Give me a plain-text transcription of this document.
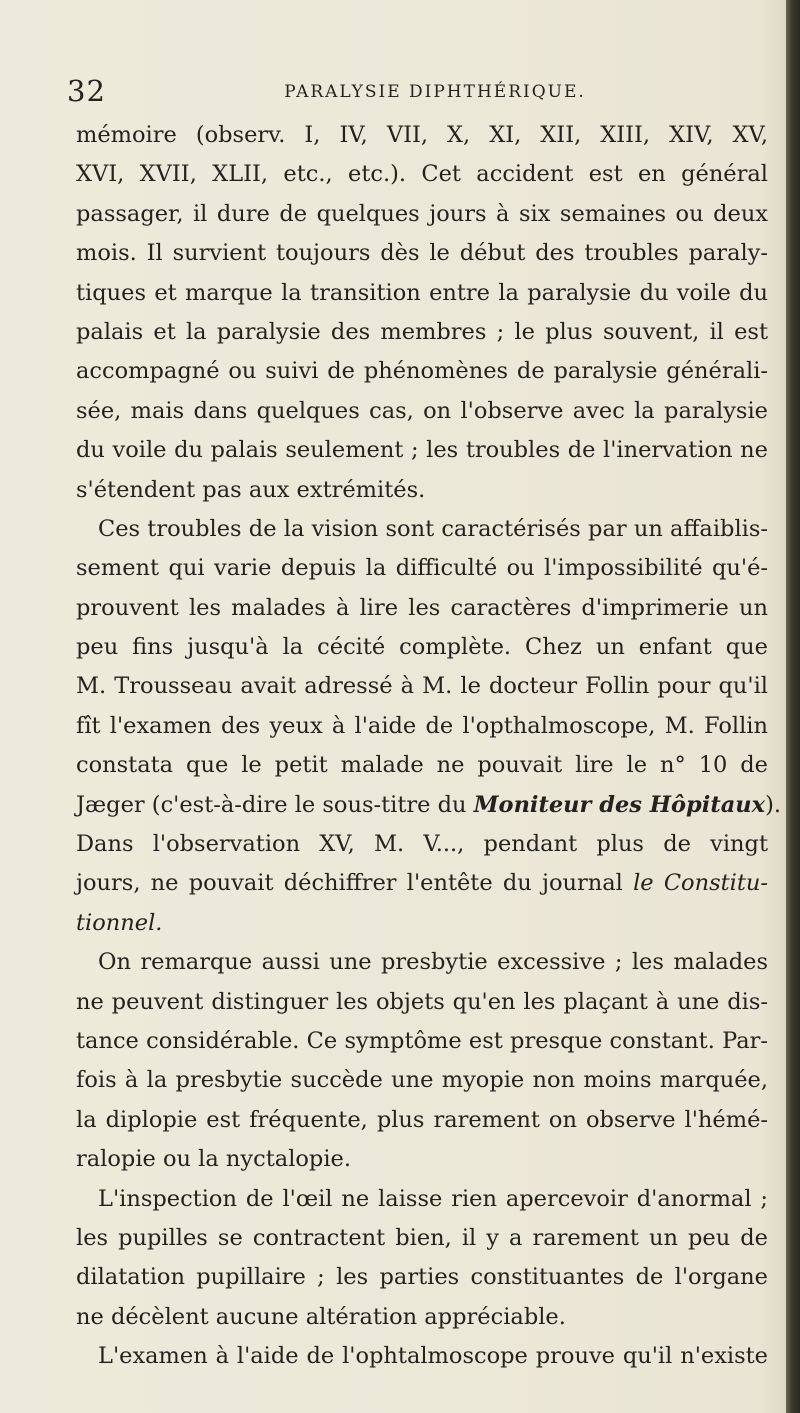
32	PARALYSIE DIPHTHÉRIQUE.
mémoire (observ. I, IV, VII, X, XI, XII, XIII, XIV, XV,
XVI, XVII, XLII, etc., etc.). Cet accident est en général
passager, il dure de quelques jours à six semaines ou deux
mois. Il survient toujours dès le début des troubles paraly-
tiques et marque la transition entre la paralysie du voile du
palais et la paralysie des membres ; le plus souvent, il est
accompagné ou suivi de phénomènes de paralysie générali-
sée, mais dans quelques cas, on l'observe avec la paralysie
du voile du palais seulement ; les troubles de l'inervation ne
s'étendent pas aux extrémités.
Ces troubles de la vision sont caractérisés par un affaiblis-
sement qui varie depuis la difficulté ou l'impossibilité qu'é-
prouvent les malades à lire les caractères d'imprimerie un
peu fins jusqu'à la cécité complète. Chez un enfant que
M. Trousseau avait adressé à M. le docteur Follin pour qu'il
fît l'examen des yeux à l'aide de l'opthalmoscope, M. Follin
constata que le petit malade ne pouvait lire le n° 10 de
Jæger (c'est-à-dire le sous-titre du Moniteur des Hôpitaux).
Dans l'observation XV, M. V..., pendant plus de vingt
jours, ne pouvait déchiffrer l'entête du journal le Constitu-
tionnel.
On remarque aussi une presbytie excessive ; les malades
ne peuvent distinguer les objets qu'en les plaçant à une dis-
tance considérable. Ce symptôme est presque constant. Par-
fois à la presbytie succède une myopie non moins marquée,
la diplopie est fréquente, plus rarement on observe l'hémé-
ralopie ou la nyctalopie.
L'inspection de l'œil ne laisse rien apercevoir d'anormal ;
les pupilles se contractent bien, il y a rarement un peu de
dilatation pupillaire ; les parties constituantes de l'organe
ne décèlent aucune altération appréciable.
L'examen à l'aide de l'ophtalmoscope prouve qu'il n'existe
